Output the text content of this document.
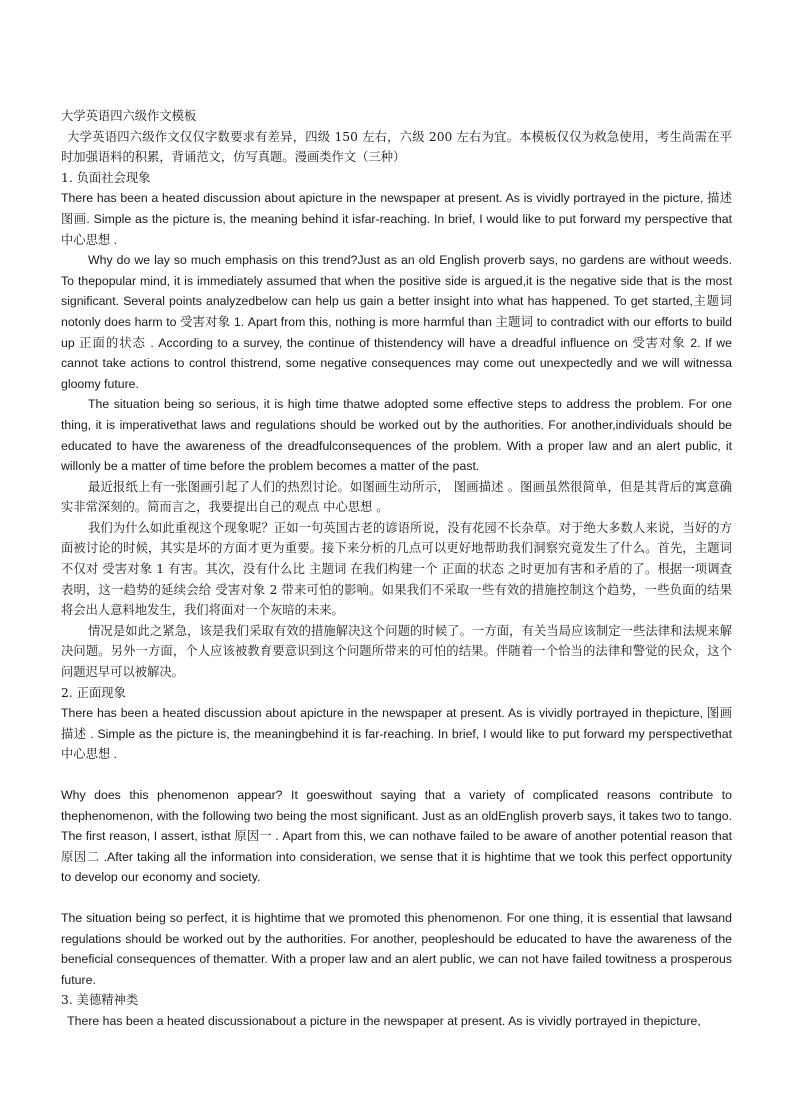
大学英语四六级作文模板

大学英语四六级作文仅仅字数要求有差异，四级 150 左右，六级 200 左右为宜。本模板仅仅为救急使用，考生尚需在平时加强语料的积累，背诵范文，仿写真题。漫画类作文（三种）

1. 负面社会现象

There has been a heated discussion about apicture in the newspaper at present. As is vividly portrayed in the picture, 描述 图画. Simple as the picture is, the meaning behind it isfar-reaching. In brief, I would like to put forward my perspective that 中心思想 .

Why do we lay so much emphasis on this trend?Just as an old English proverb says, no gardens are without weeds. To thepopular mind, it is immediately assumed that when the positive side is argued,it is the negative side that is the most significant. Several points analyzedbelow can help us gain a better insight into what has happened. To get started,主题词 notonly does harm to 受害对象 1. Apart from this, nothing is more harmful than 主题词 to contradict with our efforts to build up 正面的状态 . According to a survey, the continue of thistendency will have a dreadful influence on 受害对象 2. If we cannot take actions to control thistrend, some negative consequences may come out unexpectedly and we will witnessa gloomy future.

The situation being so serious, it is high time thatwe adopted some effective steps to address the problem. For one thing, it is imperativethat laws and regulations should be worked out by the authorities. For another,individuals should be educated to have the awareness of the dreadfulconsequences of the problem. With a proper law and an alert public, it willonly be a matter of time before the problem becomes a matter of the past.

最近报纸上有一张图画引起了人们的热烈讨论。如图画生动所示， 图画描述 。图画虽然很简单，但是其背后的寓意确实非常深刻的。简而言之，我要提出自己的观点 中心思想 。

我们为什么如此重视这个现象呢？正如一句英国古老的谚语所说，没有花园不长杂草。对于绝大多数人来说，当好的方面被讨论的时候，其实是坏的方面才更为重要。接下来分析的几点可以更好地帮助我们洞察究竟发生了什么。首先，主题词 不仅对 受害对象 1 有害。其次，没有什么比 主题词 在我们构建一个 正面的状态 之时更加有害和矛盾的了。根据一项调查表明，这一趋势的延续会给 受害对象 2 带来可怕的影响。如果我们不采取一些有效的措施控制这个趋势，一些负面的结果将会出人意料地发生，我们将面对一个灰暗的未来。

情况是如此之紧急，该是我们采取有效的措施解决这个问题的时候了。一方面，有关当局应该制定一些法律和法规来解决问题。另外一方面，个人应该被教育要意识到这个问题所带来的可怕的结果。伴随着一个恰当的法律和警觉的民众，这个问题迟早可以被解决。

2. 正面现象

There has been a heated discussion about apicture in the newspaper at present. As is vividly portrayed in thepicture, 图画描述 . Simple as the picture is, the meaningbehind it is far-reaching. In brief, I would like to put forward my perspectivethat 中心思想 .

Why does this phenomenon appear? It goeswithout saying that a variety of complicated reasons contribute to thephenomenon, with the following two being the most significant. Just as an oldEnglish proverb says, it takes two to tango. The first reason, I assert, isthat 原因一 . Apart from this, we can nothave failed to be aware of another potential reason that 原因二 .After taking all the information into consideration, we sense that it is hightime that we took this perfect opportunity to develop our economy and society.

The situation being so perfect, it is hightime that we promoted this phenomenon. For one thing, it is essential that lawsand regulations should be worked out by the authorities. For another, peopleshould be educated to have the awareness of the beneficial consequences of thematter. With a proper law and an alert public, we can not have failed towitness a prosperous future.

3. 美德精神类

There has been a heated discussionabout a picture in the newspaper at present. As is vividly portrayed in thepicture,
